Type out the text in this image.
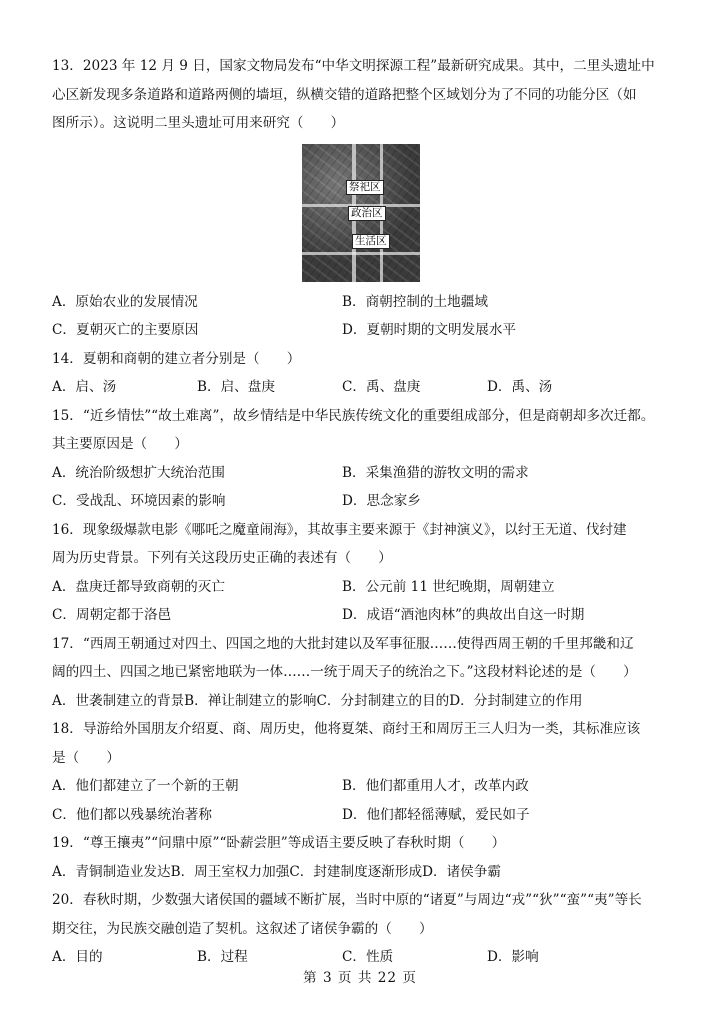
13．2023 年 12 月 9 日，国家文物局发布“中华文明探源工程”最新研究成果。其中，二里头遗址中

心区新发现多条道路和道路两侧的墙垣，纵横交错的道路把整个区域划分为了不同的功能分区（如

图所示）。这说明二里头遗址可用来研究（　　）

祭祀区
政治区
生活区
A．原始农业的发展情况	B．商朝控制的土地疆域
C．夏朝灭亡的主要原因	D．夏朝时期的文明发展水平

14．夏朝和商朝的建立者分别是（　　）

A．启、汤	B．启、盘庚	C．禹、盘庚	D．禹、汤

15．“近乡情怯”“故土难离”，故乡情结是中华民族传统文化的重要组成部分，但是商朝却多次迁都。

其主要原因是（　　）

A．统治阶级想扩大统治范围	B．采集渔猎的游牧文明的需求
C．受战乱、环境因素的影响	D．思念家乡

16．现象级爆款电影《哪吒之魔童闹海》，其故事主要来源于《封神演义》，以纣王无道、伐纣建

周为历史背景。下列有关这段历史正确的表述有（　　）

A．盘庚迁都导致商朝的灭亡	B．公元前 11 世纪晚期，周朝建立
C．周朝定都于洛邑	D．成语“酒池肉林”的典故出自这一时期

17．“西周王朝通过对四土、四国之地的大批封建以及军事征服……使得西周王朝的千里邦畿和辽

阔的四土、四国之地已紧密地联为一体……一统于周天子的统治之下。”这段材料论述的是（　　）

A．世袭制建立的背景 B．禅让制建立的影响 C．分封制建立的目的 D．分封制建立的作用

18．导游给外国朋友介绍夏、商、周历史，他将夏桀、商纣王和周厉王三人归为一类，其标准应该

是（　　）

A．他们都建立了一个新的王朝	B．他们都重用人才，改革内政
C．他们都以残暴统治著称	D．他们都轻徭薄赋，爱民如子

19．“尊王攘夷”“问鼎中原”“卧薪尝胆”等成语主要反映了春秋时期（　　）

A．青铜制造业发达 B．周王室权力加强 C．封建制度逐渐形成 D．诸侯争霸

20．春秋时期，少数强大诸侯国的疆域不断扩展，当时中原的“诸夏”与周边“戎”“狄”“蛮”“夷”等长

期交往，为民族交融创造了契机。这叙述了诸侯争霸的（　　）

A．目的	B．过程	C．性质	D．影响
第 3 页 共 22 页
